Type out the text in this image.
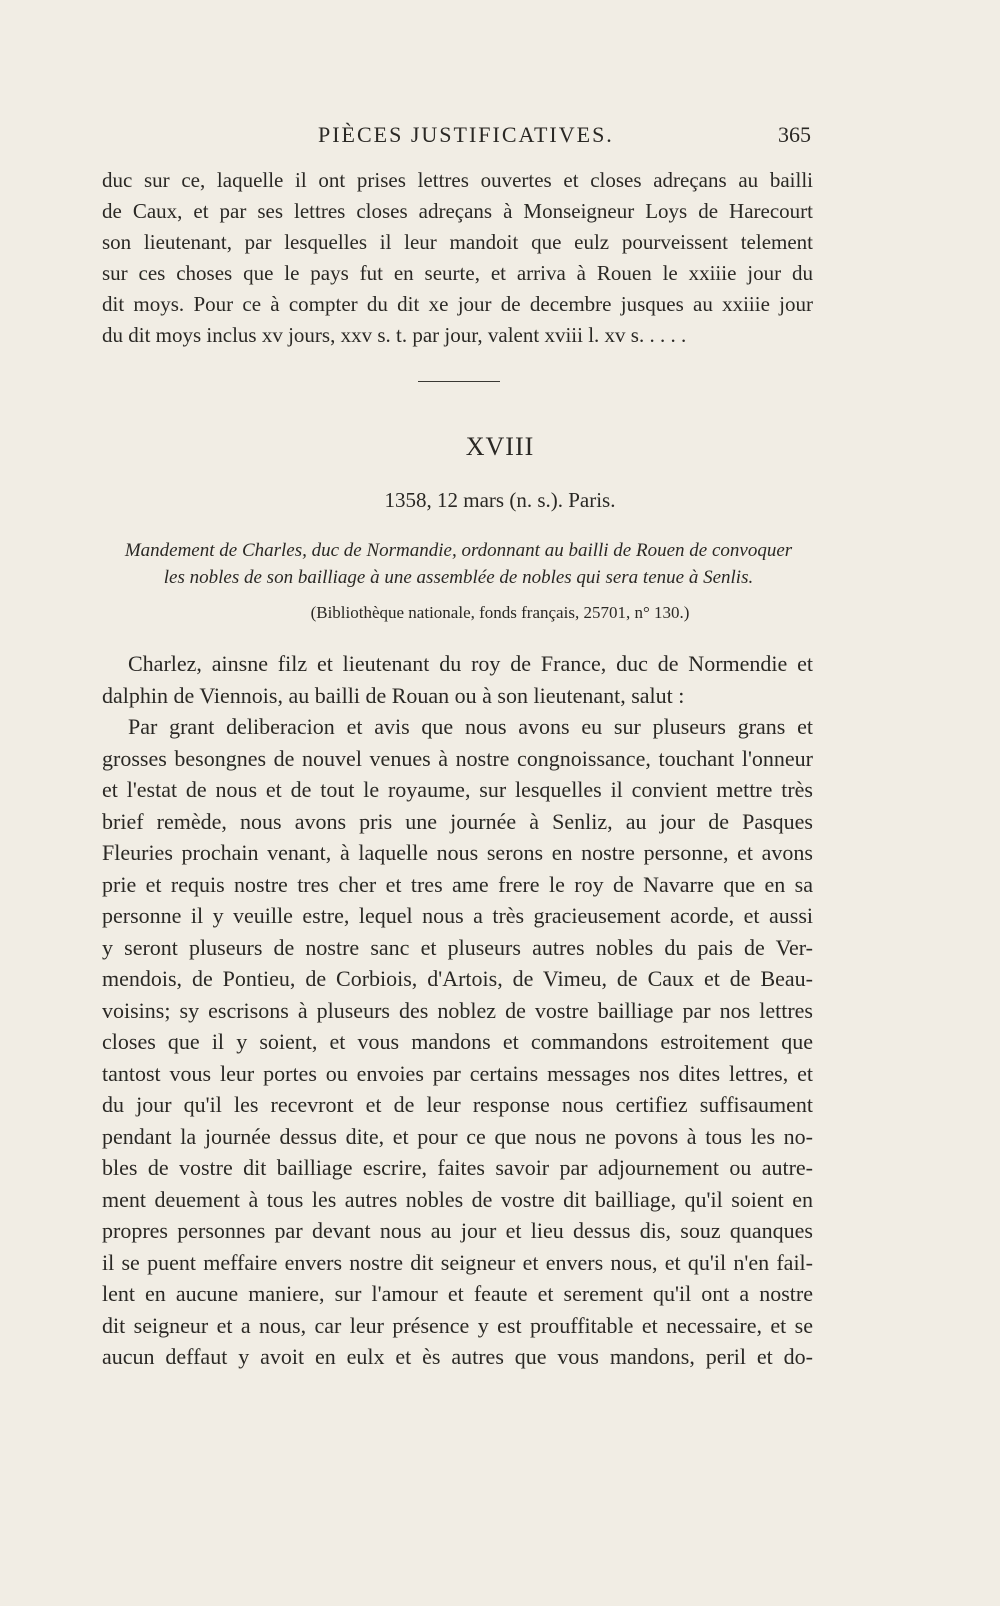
PIÈCES JUSTIFICATIVES.	365
duc sur ce, laquelle il ont prises lettres ouvertes et closes adreçans au bailli
de Caux, et par ses lettres closes adreçans à Monseigneur Loys de Harecourt
son lieutenant, par lesquelles il leur mandoit que eulz pourveissent telement
sur ces choses que le pays fut en seurte, et arriva à Rouen le xxiiie jour du
dit moys. Pour ce à compter du dit xe jour de decembre jusques au xxiiie jour
du dit moys inclus xv jours, xxv s. t. par jour, valent xviii l. xv s. . . . .
XVIII
1358, 12 mars (n. s.). Paris.
Mandement de Charles, duc de Normandie, ordonnant au bailli de Rouen de convoquer
les nobles de son bailliage à une assemblée de nobles qui sera tenue à Senlis.
(Bibliothèque nationale, fonds français, 25701, n° 130.)
Charlez, ainsne filz et lieutenant du roy de France, duc de Normendie et
dalphin de Viennois, au bailli de Rouan ou à son lieutenant, salut :
Par grant deliberacion et avis que nous avons eu sur pluseurs grans et
grosses besongnes de nouvel venues à nostre congnoissance, touchant l'onneur
et l'estat de nous et de tout le royaume, sur lesquelles il convient mettre très
brief remède, nous avons pris une journée à Senliz, au jour de Pasques
Fleuries prochain venant, à laquelle nous serons en nostre personne, et avons
prie et requis nostre tres cher et tres ame frere le roy de Navarre que en sa
personne il y veuille estre, lequel nous a très gracieusement acorde, et aussi
y seront pluseurs de nostre sanc et pluseurs autres nobles du pais de Ver-
mendois, de Pontieu, de Corbiois, d'Artois, de Vimeu, de Caux et de Beau-
voisins; sy escrisons à pluseurs des noblez de vostre bailliage par nos lettres
closes que il y soient, et vous mandons et commandons estroitement que
tantost vous leur portes ou envoies par certains messages nos dites lettres, et
du jour qu'il les recevront et de leur response nous certifiez suffisaument
pendant la journée dessus dite, et pour ce que nous ne povons à tous les no-
bles de vostre dit bailliage escrire, faites savoir par adjournement ou autre-
ment deuement à tous les autres nobles de vostre dit bailliage, qu'il soient en
propres personnes par devant nous au jour et lieu dessus dis, souz quanques
il se puent meffaire envers nostre dit seigneur et envers nous, et qu'il n'en fail-
lent en aucune maniere, sur l'amour et feaute et serement qu'il ont a nostre
dit seigneur et a nous, car leur présence y est prouffitable et necessaire, et se
aucun deffaut y avoit en eulx et ès autres que vous mandons, peril et do-
